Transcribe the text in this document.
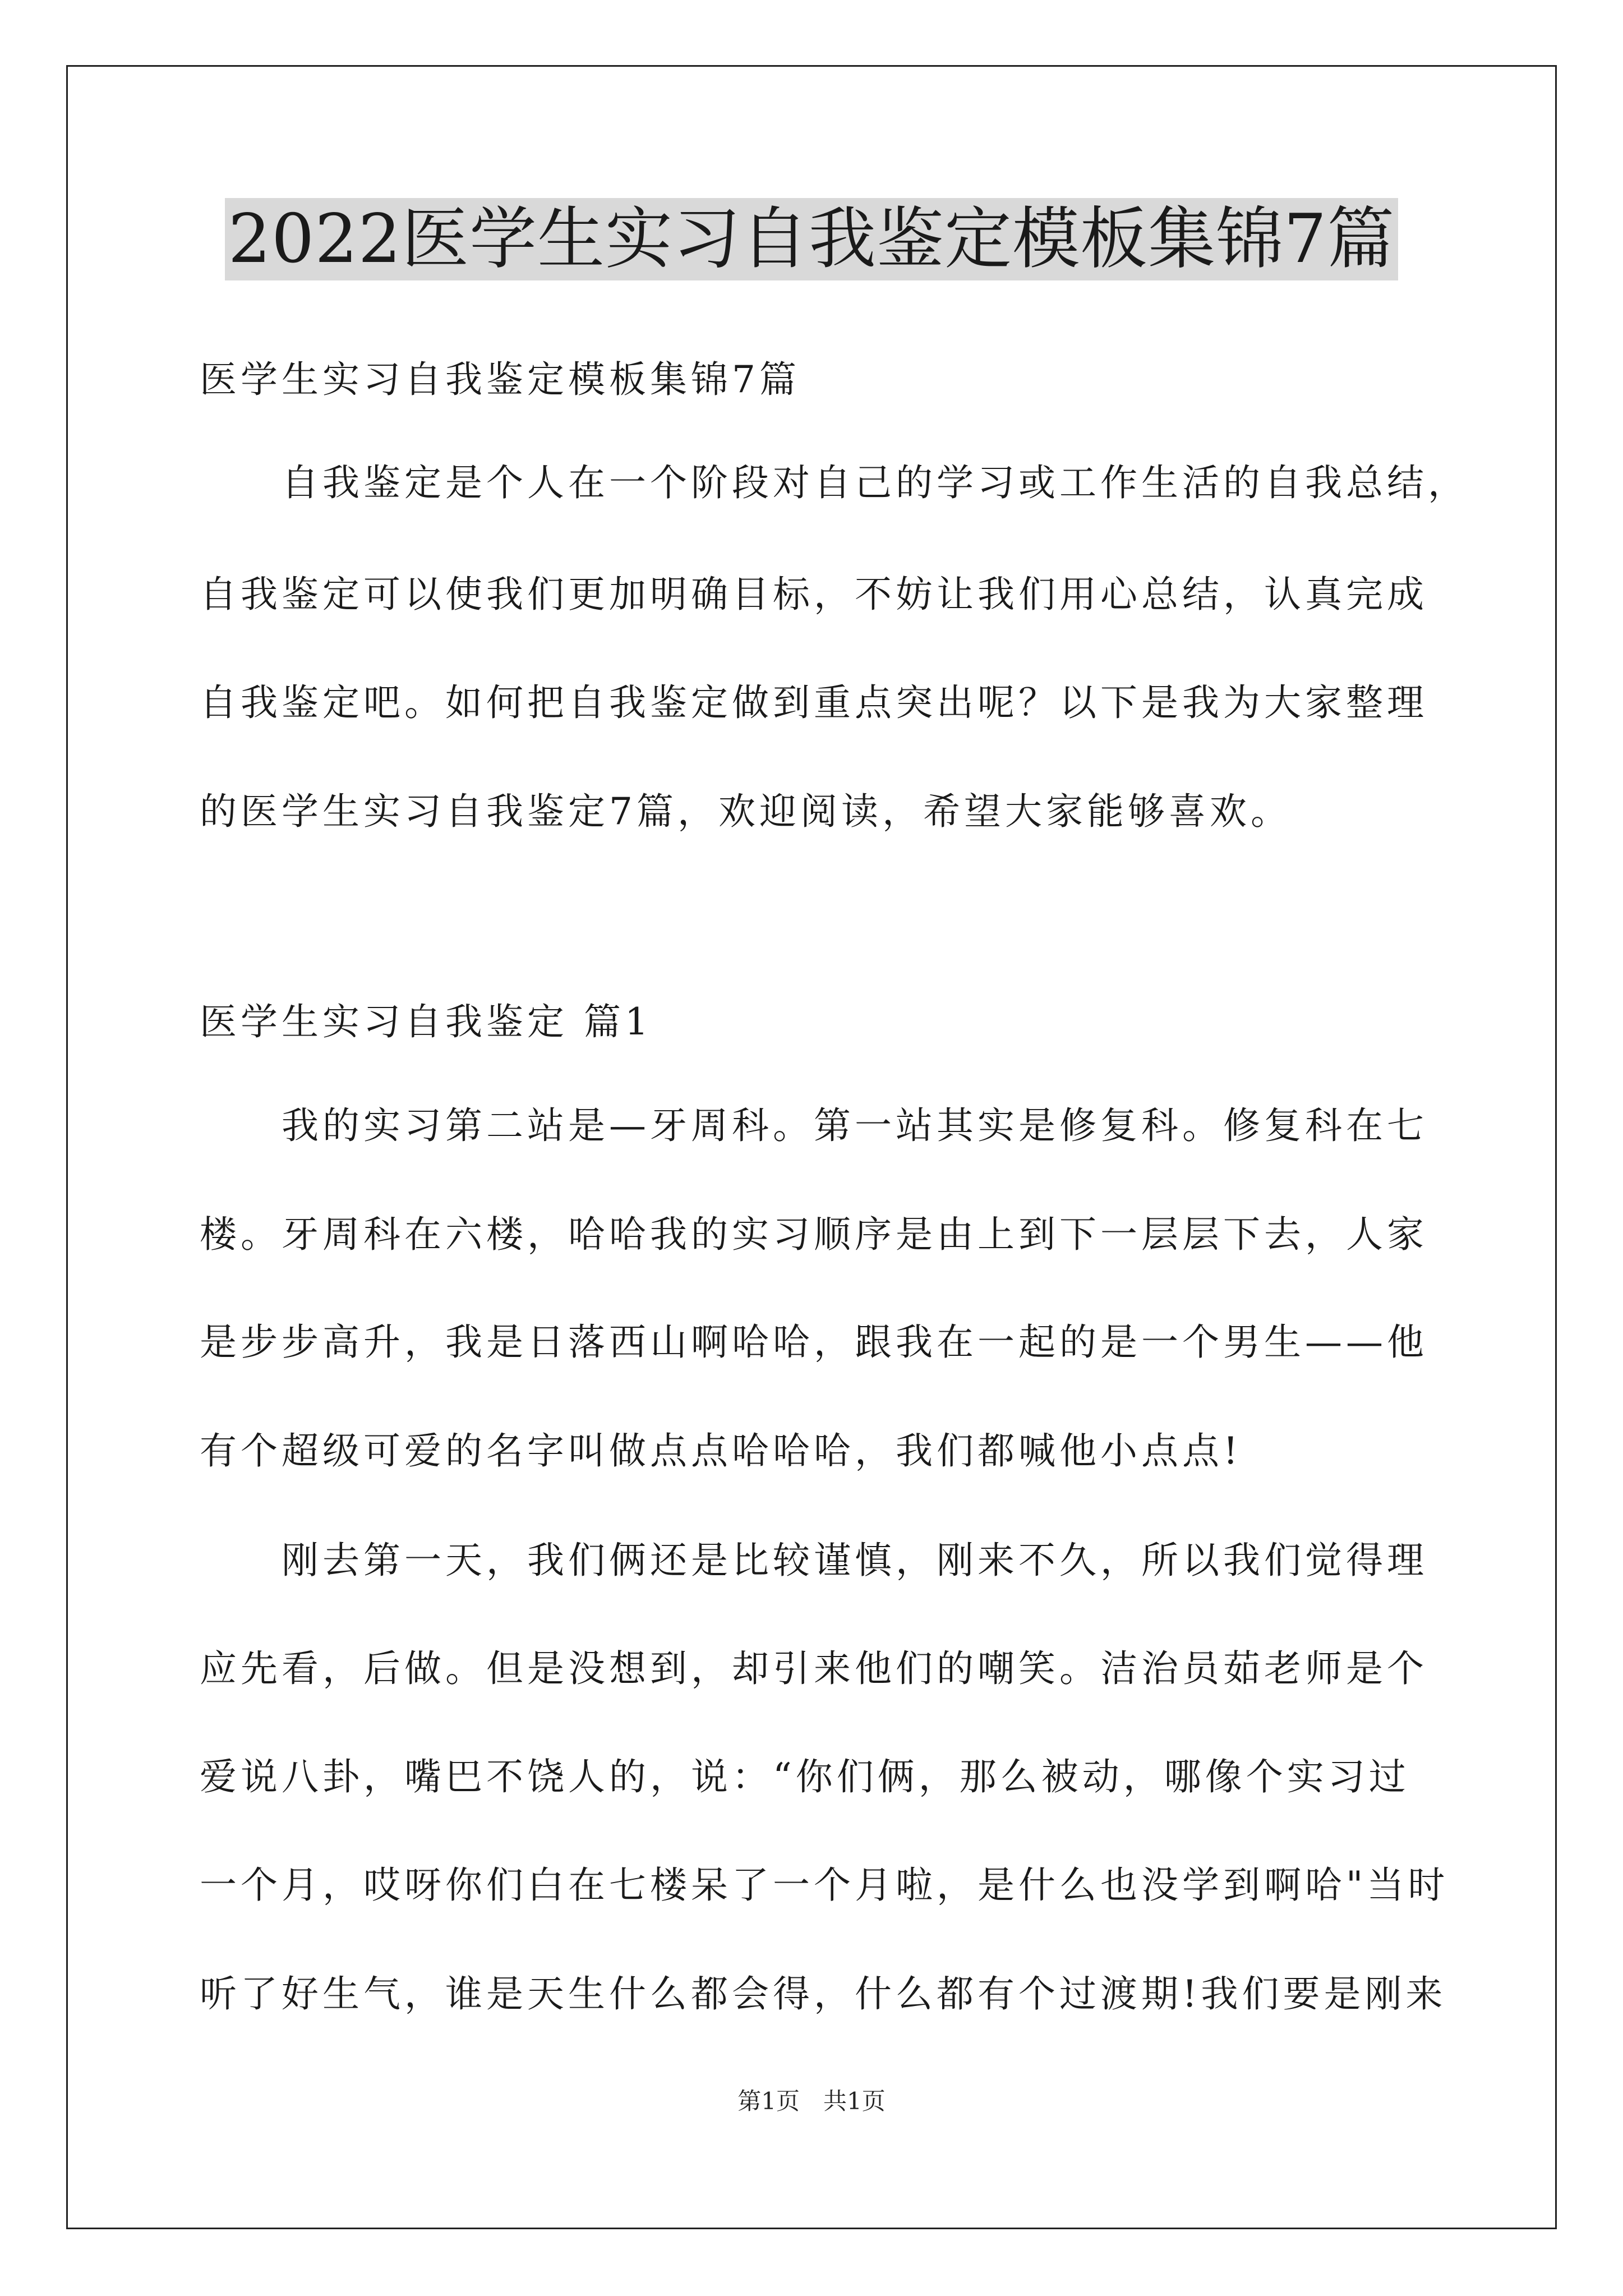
2022医学生实习自我鉴定模板集锦7篇
医学生实习自我鉴定模板集锦7篇
　　自我鉴定是个人在一个阶段对自己的学习或工作生活的自我总结，
自我鉴定可以使我们更加明确目标，不妨让我们用心总结，认真完成
自我鉴定吧。如何把自我鉴定做到重点突出呢？以下是我为大家整理
的医学生实习自我鉴定7篇，欢迎阅读，希望大家能够喜欢。
医学生实习自我鉴定 篇1
　　我的实习第二站是—牙周科。第一站其实是修复科。修复科在七
楼。牙周科在六楼，哈哈我的实习顺序是由上到下一层层下去，人家
是步步高升，我是日落西山啊哈哈，跟我在一起的是一个男生——他
有个超级可爱的名字叫做点点哈哈哈，我们都喊他小点点!
　　刚去第一天，我们俩还是比较谨慎，刚来不久，所以我们觉得理
应先看，后做。但是没想到，却引来他们的嘲笑。洁治员茹老师是个
爱说八卦，嘴巴不饶人的，说：“你们俩，那么被动，哪像个实习过
一个月，哎呀你们白在七楼呆了一个月啦，是什么也没学到啊哈"当时
听了好生气，谁是天生什么都会得，什么都有个过渡期!我们要是刚来
第1页　共1页
